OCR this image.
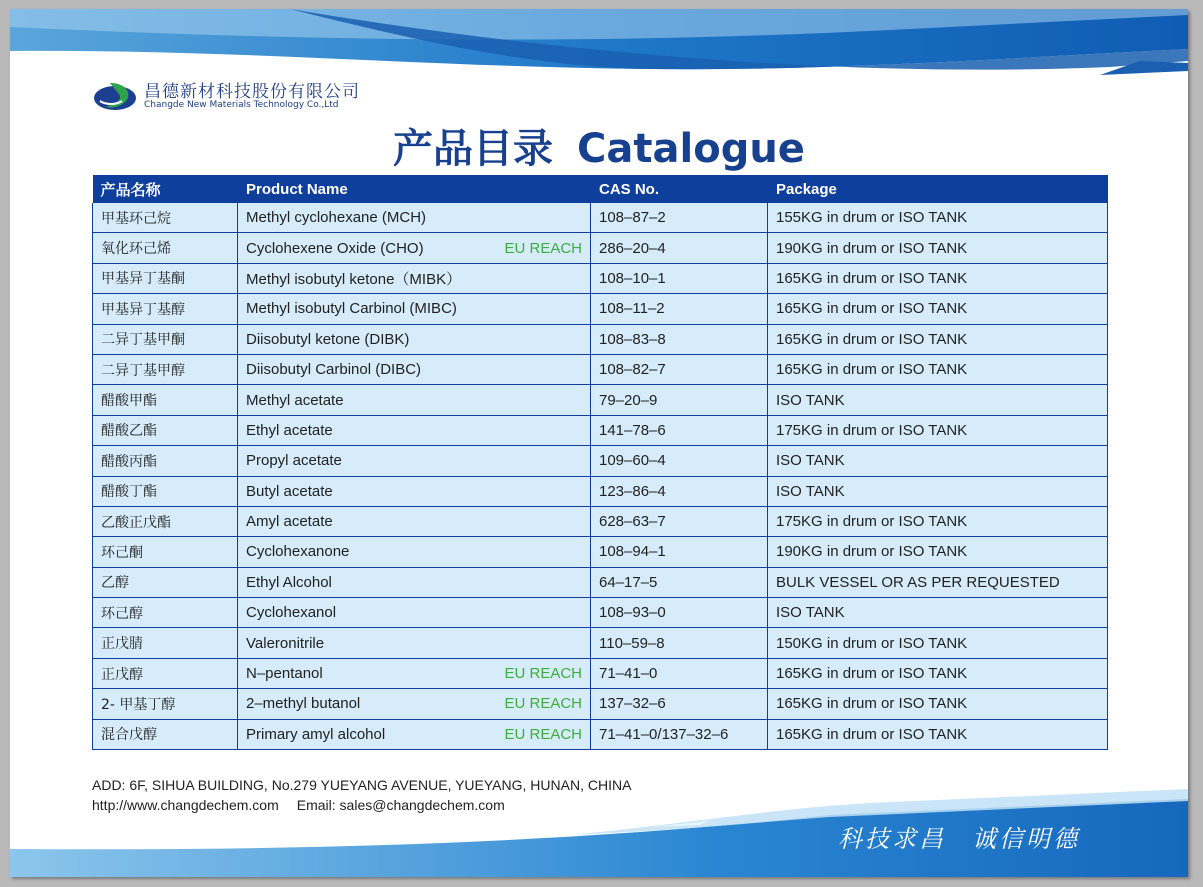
昌德新材科技股份有限公司
Changde New Materials Technology Co.,Ltd
产品目录 Catalogue
产品名称	Product Name	CAS No.	Package
甲基环己烷	Methyl cyclohexane (MCH)	108–87–2	155KG in drum or ISO TANK
氧化环己烯	Cyclohexene Oxide (CHO) EU REACH	286–20–4	190KG in drum or ISO TANK
甲基异丁基酮	Methyl isobutyl ketone（MIBK）	108–10–1	165KG in drum or ISO TANK
甲基异丁基醇	Methyl isobutyl Carbinol (MIBC)	108–11–2	165KG in drum or ISO TANK
二异丁基甲酮	Diisobutyl ketone (DIBK)	108–83–8	165KG in drum or ISO TANK
二异丁基甲醇	Diisobutyl Carbinol (DIBC)	108–82–7	165KG in drum or ISO TANK
醋酸甲酯	Methyl acetate	79–20–9	ISO TANK
醋酸乙酯	Ethyl acetate	141–78–6	175KG in drum or ISO TANK
醋酸丙酯	Propyl acetate	109–60–4	ISO TANK
醋酸丁酯	Butyl acetate	123–86–4	ISO TANK
乙酸正戊酯	Amyl acetate	628–63–7	175KG in drum or ISO TANK
环己酮	Cyclohexanone	108–94–1	190KG in drum or ISO TANK
乙醇	Ethyl Alcohol	64–17–5	BULK VESSEL OR AS PER REQUESTED
环己醇	Cyclohexanol	108–93–0	ISO TANK
正戊腈	Valeronitrile	110–59–8	150KG in drum or ISO TANK
正戊醇	N–pentanol EU REACH	71–41–0	165KG in drum or ISO TANK
2- 甲基丁醇	2–methyl butanol EU REACH	137–32–6	165KG in drum or ISO TANK
混合戊醇	Primary amyl alcohol EU REACH	71–41–0/137–32–6	165KG in drum or ISO TANK
ADD: 6F, SIHUA BUILDING, No.279 YUEYANG AVENUE, YUEYANG, HUNAN, CHINA
http://www.changdechem.com Email: sales@changdechem.com
科技求昌 诚信明德
